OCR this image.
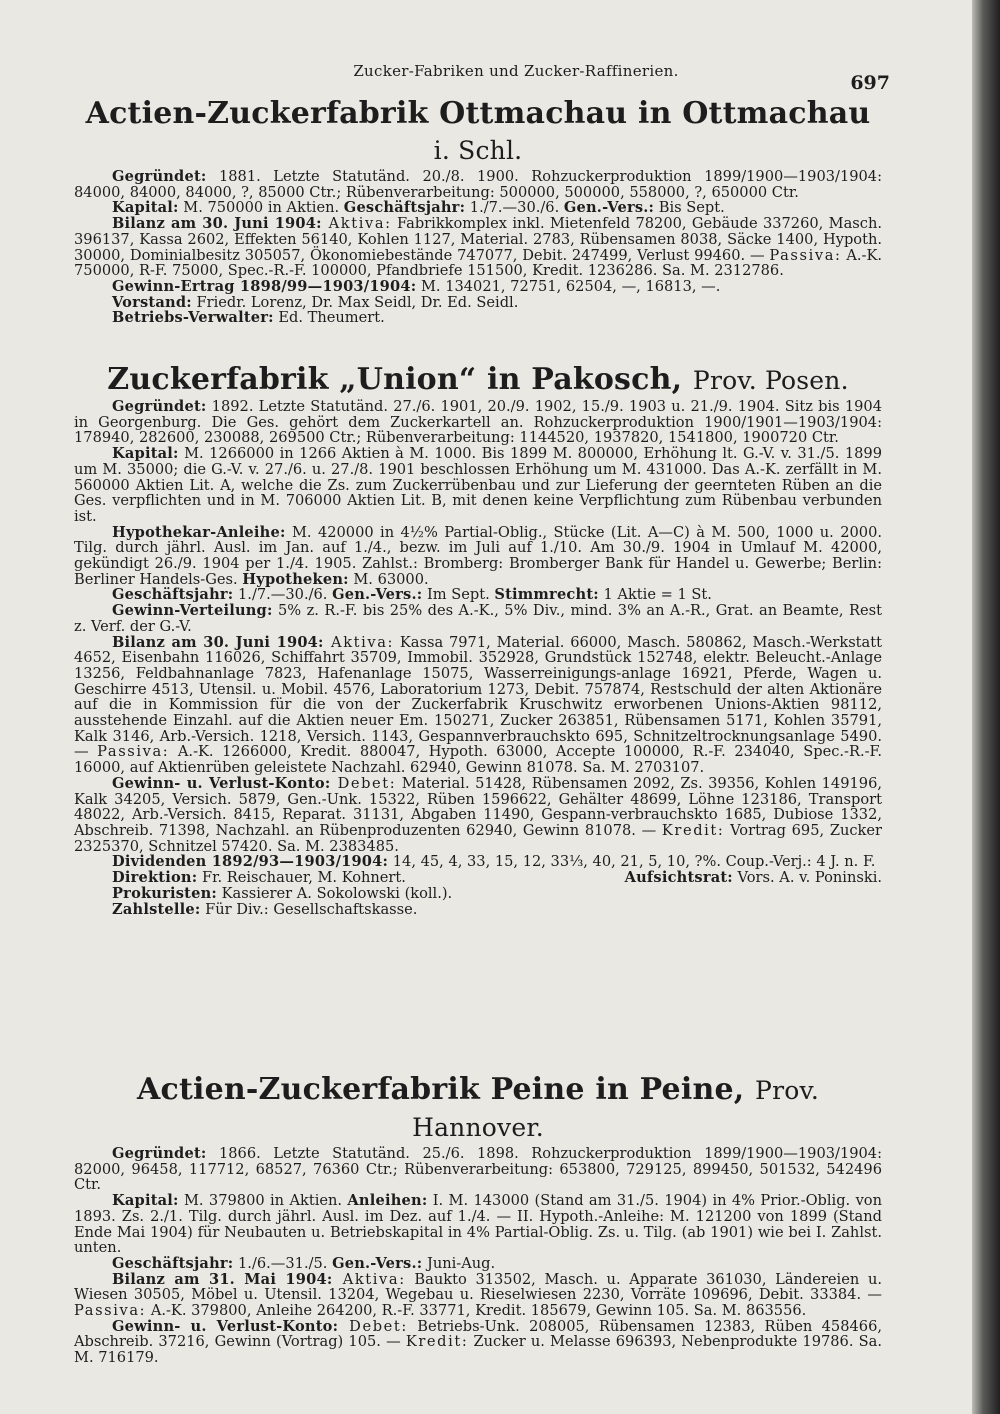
Zucker-Fabriken und Zucker-Raffinerien.
697
Actien-Zuckerfabrik Ottmachau in Ottmachau i. Schl.

Gegründet: 1881. Letzte Statutänd. 20./8. 1900. Rohzuckerproduktion 1899/1900—1903/1904: 84000, 84000, 84000, ?, 85000 Ctr.; Rübenverarbeitung: 500000, 500000, 558000, ?, 650000 Ctr.

Kapital: M. 750000 in Aktien. Geschäftsjahr: 1./7.—30./6. Gen.-Vers.: Bis Sept.

Bilanz am 30. Juni 1904: Aktiva: Fabrikkomplex inkl. Mietenfeld 78200, Gebäude 337260, Masch. 396137, Kassa 2602, Effekten 56140, Kohlen 1127, Material. 2783, Rübensamen 8038, Säcke 1400, Hypoth. 30000, Dominialbesitz 305057, Ökonomiebestände 747077, Debit. 247499, Verlust 99460. — Passiva: A.-K. 750000, R-F. 75000, Spec.-R.-F. 100000, Pfandbriefe 151500, Kredit. 1236286. Sa. M. 2312786.

Gewinn-Ertrag 1898/99—1903/1904: M. 134021, 72751, 62504, —, 16813, —.

Vorstand: Friedr. Lorenz, Dr. Max Seidl, Dr. Ed. Seidl.

Betriebs-Verwalter: Ed. Theumert.

Zuckerfabrik „Union“ in Pakosch, Prov. Posen.

Gegründet: 1892. Letzte Statutänd. 27./6. 1901, 20./9. 1902, 15./9. 1903 u. 21./9. 1904. Sitz bis 1904 in Georgenburg. Die Ges. gehört dem Zuckerkartell an. Rohzuckerproduktion 1900/1901—1903/1904: 178940, 282600, 230088, 269500 Ctr.; Rübenverarbeitung: 1144520, 1937820, 1541800, 1900720 Ctr.

Kapital: M. 1266000 in 1266 Aktien à M. 1000. Bis 1899 M. 800000, Erhöhung lt. G.-V. v. 31./5. 1899 um M. 35000; die G.-V. v. 27./6. u. 27./8. 1901 beschlossen Erhöhung um M. 431000. Das A.-K. zerfällt in M. 560000 Aktien Lit. A, welche die Zs. zum Zuckerrübenbau und zur Lieferung der geernteten Rüben an die Ges. verpflichten und in M. 706000 Aktien Lit. B, mit denen keine Verpflichtung zum Rübenbau verbunden ist.

Hypothekar-Anleihe: M. 420000 in 4½% Partial-Oblig., Stücke (Lit. A—C) à M. 500, 1000 u. 2000. Tilg. durch jährl. Ausl. im Jan. auf 1./4., bezw. im Juli auf 1./10. Am 30./9. 1904 in Umlauf M. 42000, gekündigt 26./9. 1904 per 1./4. 1905. Zahlst.: Bromberg: Bromberger Bank für Handel u. Gewerbe; Berlin: Berliner Handels-Ges. Hypotheken: M. 63000.

Geschäftsjahr: 1./7.—30./6. Gen.-Vers.: Im Sept. Stimmrecht: 1 Aktie = 1 St.

Gewinn-Verteilung: 5% z. R.-F. bis 25% des A.-K., 5% Div., mind. 3% an A.-R., Grat. an Beamte, Rest z. Verf. der G.-V.

Bilanz am 30. Juni 1904: Aktiva: Kassa 7971, Material. 66000, Masch. 580862, Masch.-Werkstatt 4652, Eisenbahn 116026, Schiffahrt 35709, Immobil. 352928, Grundstück 152748, elektr. Beleucht.-Anlage 13256, Feldbahnanlage 7823, Hafenanlage 15075, Wasserreinigungs-anlage 16921, Pferde, Wagen u. Geschirre 4513, Utensil. u. Mobil. 4576, Laboratorium 1273, Debit. 757874, Restschuld der alten Aktionäre auf die in Kommission für die von der Zuckerfabrik Kruschwitz erworbenen Unions-Aktien 98112, ausstehende Einzahl. auf die Aktien neuer Em. 150271, Zucker 263851, Rübensamen 5171, Kohlen 35791, Kalk 3146, Arb.-Versich. 1218, Versich. 1143, Gespannverbrauchskto 695, Schnitzeltrocknungsanlage 5490. — Passiva: A.-K. 1266000, Kredit. 880047, Hypoth. 63000, Accepte 100000, R.-F. 234040, Spec.-R.-F. 16000, auf Aktienrüben geleistete Nachzahl. 62940, Gewinn 81078. Sa. M. 2703107.

Gewinn- u. Verlust-Konto: Debet: Material. 51428, Rübensamen 2092, Zs. 39356, Kohlen 149196, Kalk 34205, Versich. 5879, Gen.-Unk. 15322, Rüben 1596622, Gehälter 48699, Löhne 123186, Transport 48022, Arb.-Versich. 8415, Reparat. 31131, Abgaben 11490, Gespann-verbrauchskto 1685, Dubiose 1332, Abschreib. 71398, Nachzahl. an Rübenproduzenten 62940, Gewinn 81078. — Kredit: Vortrag 695, Zucker 2325370, Schnitzel 57420. Sa. M. 2383485.

Dividenden 1892/93—1903/1904: 14, 45, 4, 33, 15, 12, 33⅓, 40, 21, 5, 10, ?%. Coup.-Verj.: 4 J. n. F.

Direktion: Fr. Reischauer, M. Kohnert.	Aufsichtsrat: Vors. A. v. Poninski.

Prokuristen: Kassierer A. Sokolowski (koll.).

Zahlstelle: Für Div.: Gesellschaftskasse.

Actien-Zuckerfabrik Peine in Peine, Prov. Hannover.

Gegründet: 1866. Letzte Statutänd. 25./6. 1898. Rohzuckerproduktion 1899/1900—1903/1904: 82000, 96458, 117712, 68527, 76360 Ctr.; Rübenverarbeitung: 653800, 729125, 899450, 501532, 542496 Ctr.

Kapital: M. 379800 in Aktien. Anleihen: I. M. 143000 (Stand am 31./5. 1904) in 4% Prior.-Oblig. von 1893. Zs. 2./1. Tilg. durch jährl. Ausl. im Dez. auf 1./4. — II. Hypoth.-Anleihe: M. 121200 von 1899 (Stand Ende Mai 1904) für Neubauten u. Betriebskapital in 4% Partial-Oblig. Zs. u. Tilg. (ab 1901) wie bei I. Zahlst. unten.

Geschäftsjahr: 1./6.—31./5. Gen.-Vers.: Juni-Aug.

Bilanz am 31. Mai 1904: Aktiva: Baukto 313502, Masch. u. Apparate 361030, Ländereien u. Wiesen 30505, Möbel u. Utensil. 13204, Wegebau u. Rieselwiesen 2230, Vorräte 109696, Debit. 33384. — Passiva: A.-K. 379800, Anleihe 264200, R.-F. 33771, Kredit. 185679, Gewinn 105. Sa. M. 863556.

Gewinn- u. Verlust-Konto: Debet: Betriebs-Unk. 208005, Rübensamen 12383, Rüben 458466, Abschreib. 37216, Gewinn (Vortrag) 105. — Kredit: Zucker u. Melasse 696393, Nebenprodukte 19786. Sa. M. 716179.
